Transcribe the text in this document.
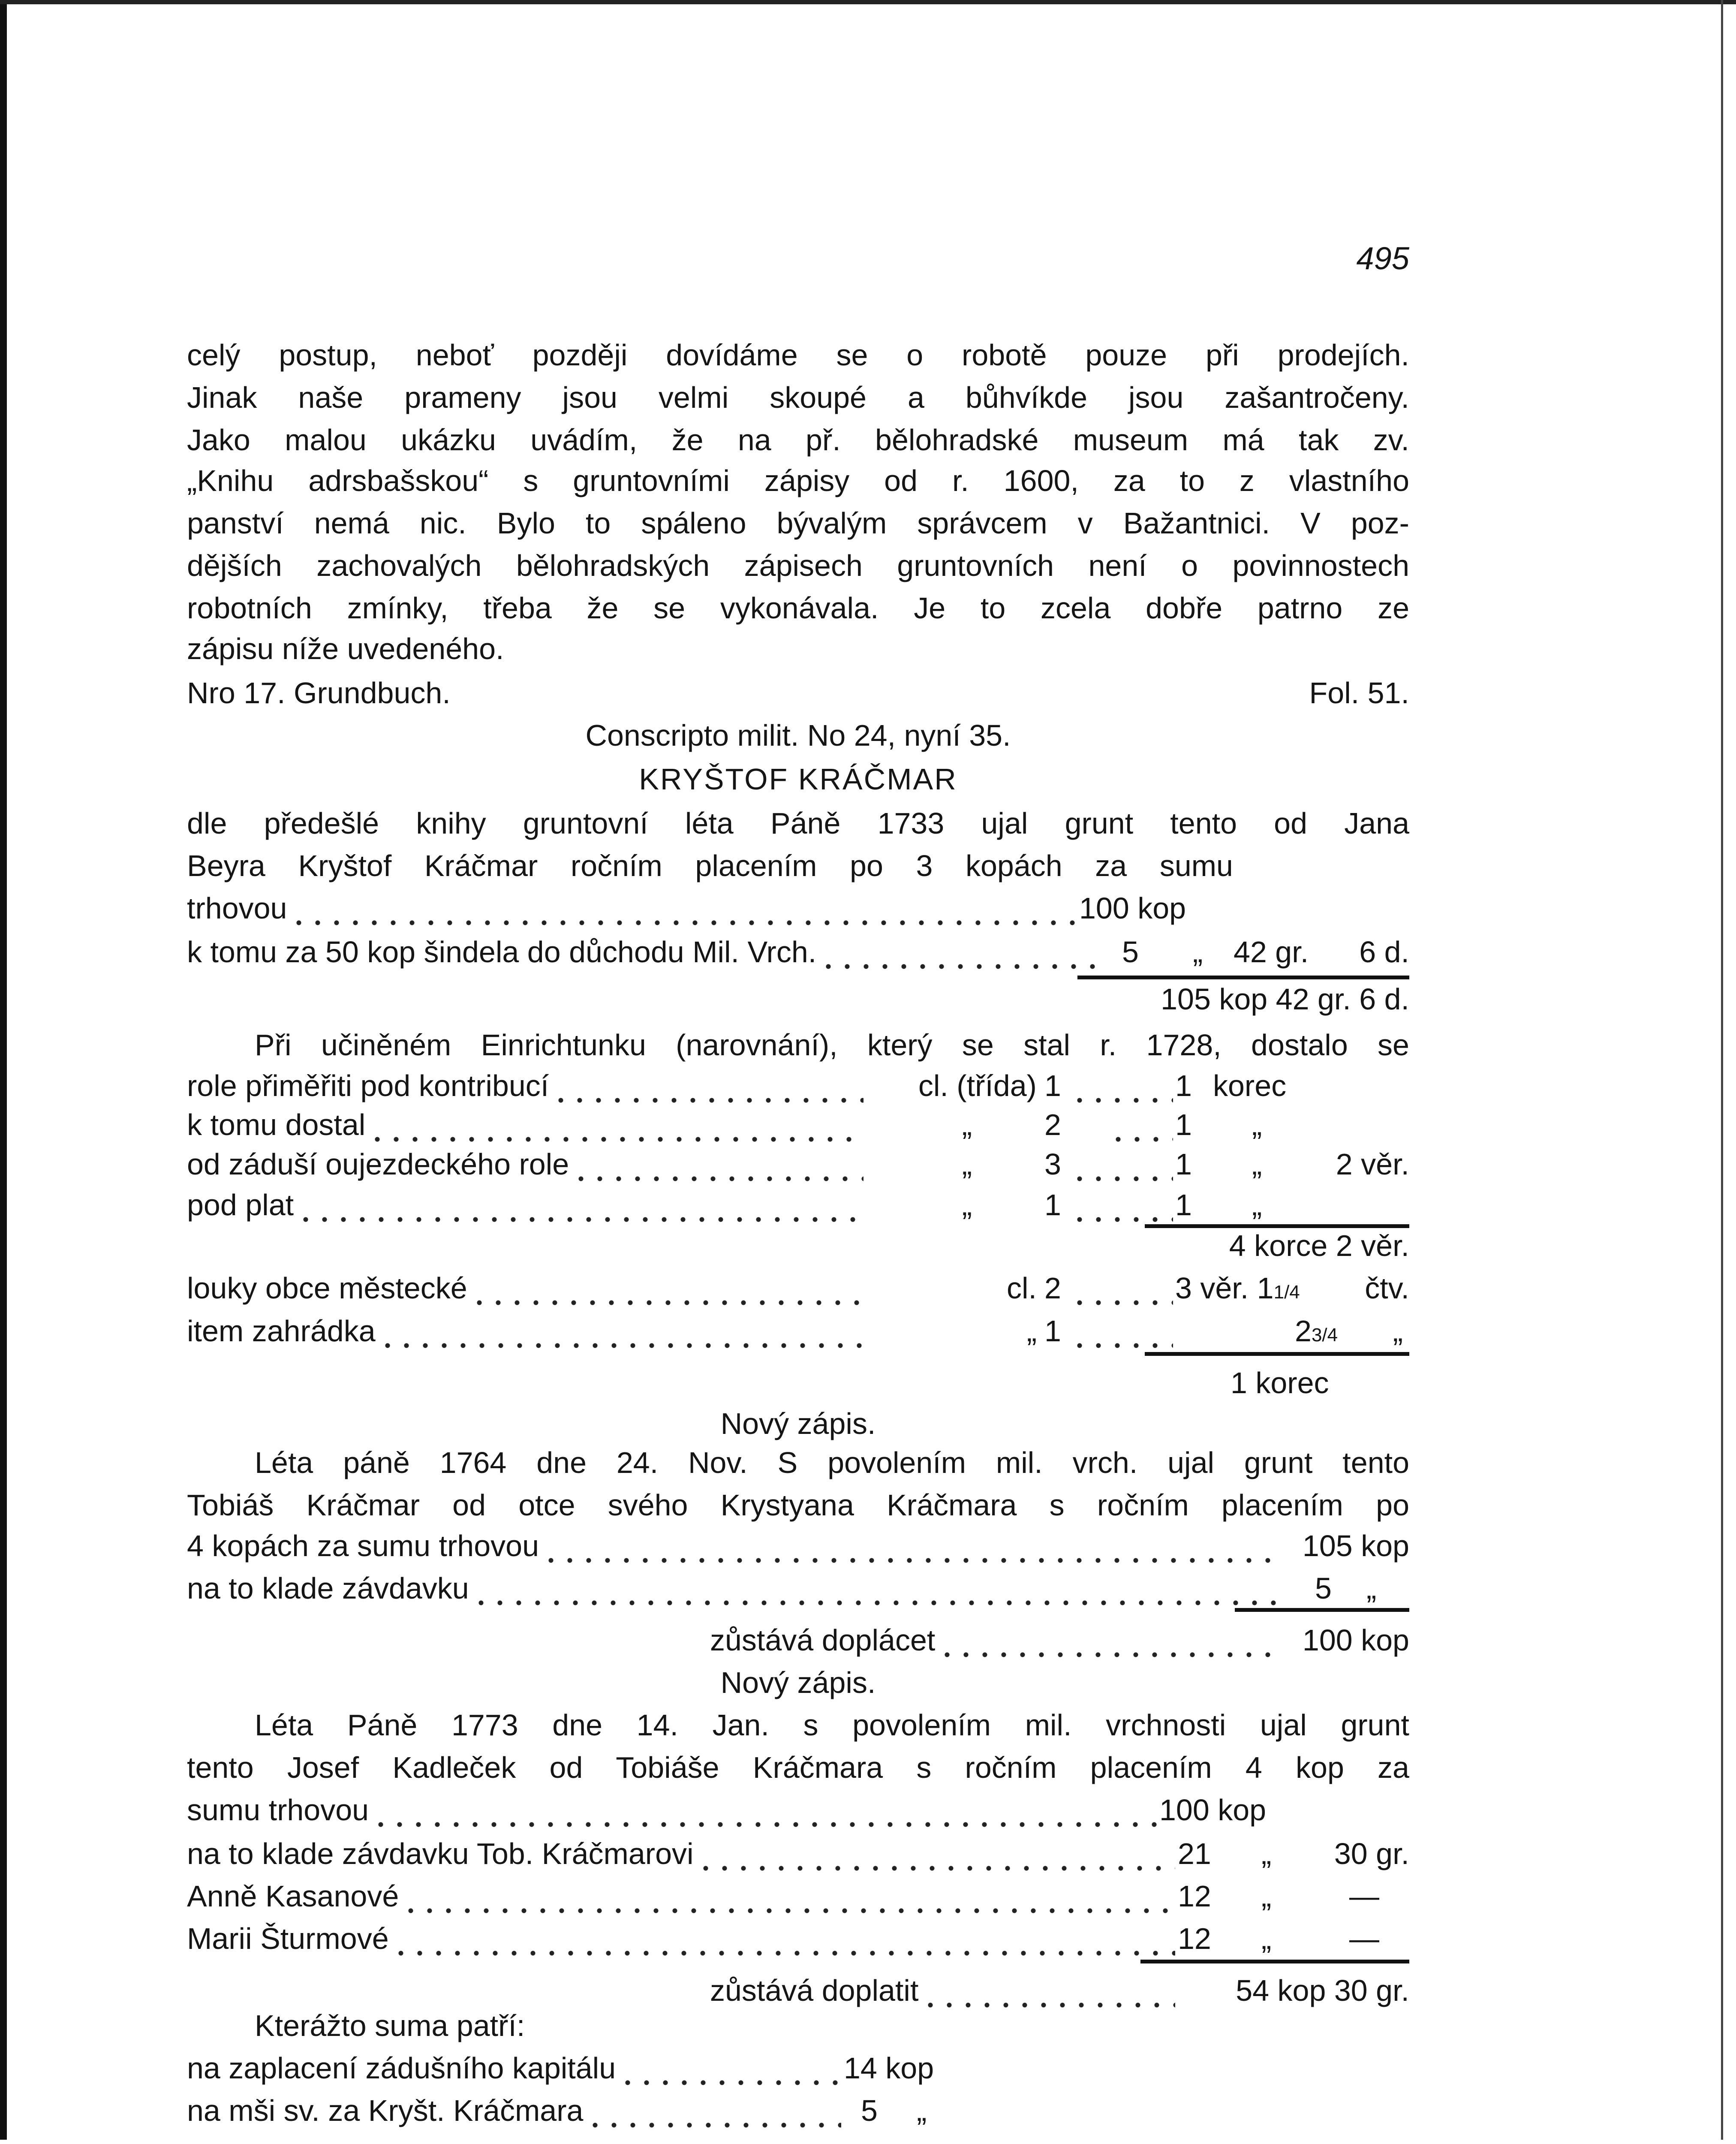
495
celý postup, neboť později dovídáme se o robotě pouze při prodejích.
Jinak naše prameny jsou velmi skoupé a bůhvíkde jsou zašantročeny.
Jako malou ukázku uvádím, že na př. bělohradské museum má tak zv.
„Knihu adrsbašskou“ s gruntovními zápisy od r. 1600, za to z vlastního
panství nemá nic. Bylo to spáleno bývalým správcem v Bažantnici. V poz-
dějších zachovalých bělohradských zápisech gruntovních není o povinnostech
robotních zmínky, třeba že se vykonávala. Je to zcela dobře patrno ze
zápisu níže uvedeného.
Nro 17. Grundbuch.	Fol. 51.
Conscripto milit. No 24, nyní 35.
KRYŠTOF KRÁČMAR
dle předešlé knihy gruntovní léta Páně 1733 ujal grunt tento od Jana
Beyra Kryštof Kráčmar ročním placením po 3 kopách za sumu
trhovou	100 kop
k tomu za 50 kop šindela do důchodu Mil. Vrch.	5 „ 42 gr. 6 d.
105 kop 42 gr. 6 d.
Při učiněném Einrichtunku (narovnání), který se stal r. 1728, dostalo se
role přiměřiti pod kontribucí	cl. (třída) 1	1 korec
k tomu dostal	„ 2	1 „
od záduší oujezdeckého role	„ 3	1 „ 2 věr.
pod plat	„ 1	1 „
4 korce 2 věr.
louky obce městecké	cl. 2	3 věr. 11/4 čtv.
item zahrádka	„ 1	23/4 „
1 korec
Nový zápis.
Léta páně 1764 dne 24. Nov. S povolením mil. vrch. ujal grunt tento
Tobiáš Kráčmar od otce svého Krystyana Kráčmara s ročním placením po
4 kopách za sumu trhovou	105 kop
na to klade závdavku	5 „
zůstává doplácet	100 kop
Nový zápis.
Léta Páně 1773 dne 14. Jan. s povolením mil. vrchnosti ujal grunt
tento Josef Kadleček od Tobiáše Kráčmara s ročním placením 4 kop za
sumu trhovou	100 kop
na to klade závdavku Tob. Kráčmarovi	21 „ 30 gr.
Anně Kasanové	12 „	—
Marii Šturmové	12 „	—
zůstává doplatit	54 kop 30 gr.
Kterážto suma patří:
na zaplacení zádušního kapitálu	14 kop
na mši sv. za Kryšt. Kráčmara	5 „
